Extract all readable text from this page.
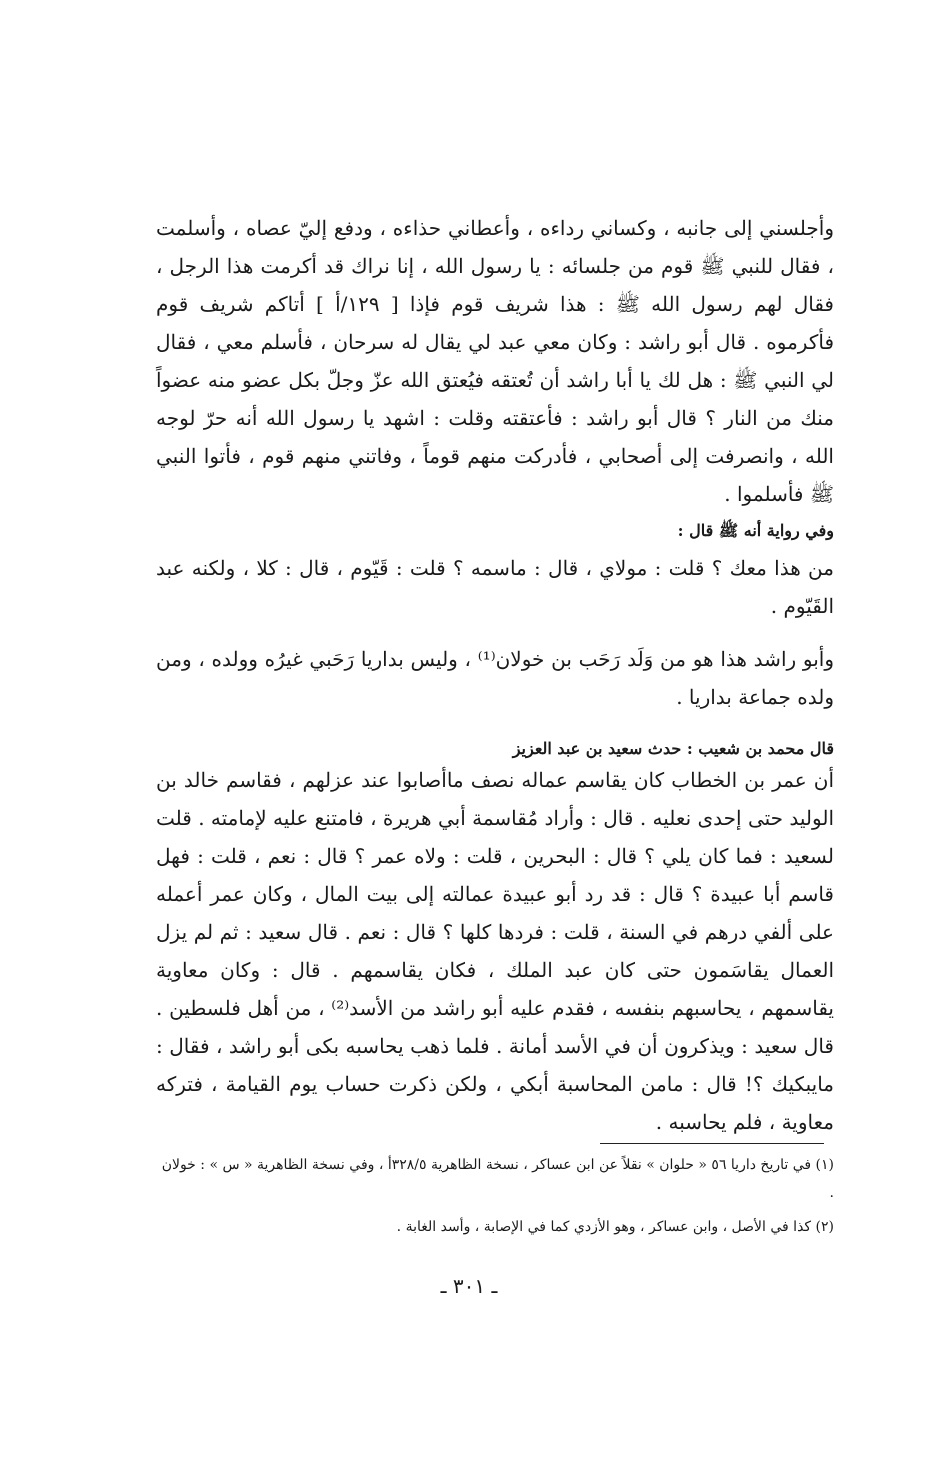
وأجلسني إلى جانبه ، وكساني رداءه ، وأعطاني حذاءه ، ودفع إليّ عصاه ، وأسلمت ، فقال للنبي ﷺ قوم من جلسائه : يا رسول الله ، إنا نراك قد أكرمت هذا الرجل ، فقال لهم رسول الله ﷺ : هذا شريف قوم فإذا [ ١٢٩/أ ] أتاكم شريف قوم فأكرموه . قال أبو راشد : وكان معي عبد لي يقال له سرحان ، فأسلم معي ، فقال لي النبي ﷺ : هل لك يا أبا راشد أن تُعتقه فيُعتق الله عزّ وجلّ بكل عضو منه عضواً منك من النار ؟ قال أبو راشد : فأعتقته وقلت : اشهد يا رسول الله أنه حرّ لوجه الله ، وانصرفت إلى أصحابي ، فأدركت منهم قوماً ، وفاتني منهم قوم ، فأتوا النبي ﷺ فأسلموا .

وفي رواية أنه ﷺ قال :

من هذا معك ؟ قلت : مولاي ، قال : ماسمه ؟ قلت : قَيّوم ، قال : كلا ، ولكنه عبد القَيّوم .

وأبو راشد هذا هو من وَلَد رَحَب بن خولان⁽¹⁾ ، وليس بداريا رَحَبي غيرُه وولده ، ومن ولده جماعة بداريا .

قال محمد بن شعيب : حدث سعيد بن عبد العزيز

أن عمر بن الخطاب كان يقاسم عماله نصف ماأصابوا عند عزلهم ، فقاسم خالد بن الوليد حتى إحدى نعليه . قال : وأراد مُقاسمة أبي هريرة ، فامتنع عليه لإمامته . قلت لسعيد : فما كان يلي ؟ قال : البحرين ، قلت : ولاه عمر ؟ قال : نعم ، قلت : فهل قاسم أبا عبيدة ؟ قال : قد رد أبو عبيدة عمالته إلى بيت المال ، وكان عمر أعمله على ألفي درهم في السنة ، قلت : فردها كلها ؟ قال : نعم . قال سعيد : ثم لم يزل العمال يقاسَمون حتى كان عبد الملك ، فكان يقاسمهم . قال : وكان معاوية يقاسمهم ، يحاسبهم بنفسه ، فقدم عليه أبو راشد من الأسد⁽²⁾ ، من أهل فلسطين . قال سعيد : ويذكرون أن في الأسد أمانة . فلما ذهب يحاسبه بكى أبو راشد ، فقال : مايبكيك ؟! قال : مامن المحاسبة أبكي ، ولكن ذكرت حساب يوم القيامة ، فتركه معاوية ، فلم يحاسبه .

(١) في تاريخ داريا ٥٦ « حلوان » نقلاً عن ابن عساكر ، نسخة الظاهرية ٣٢٨/٥أ ، وفي نسخة الظاهرية « س » : خولان .

(٢) كذا في الأصل ، وابن عساكر ، وهو الأزدي كما في الإصابة ، وأسد الغابة .

ـ ٣٠١ ـ
